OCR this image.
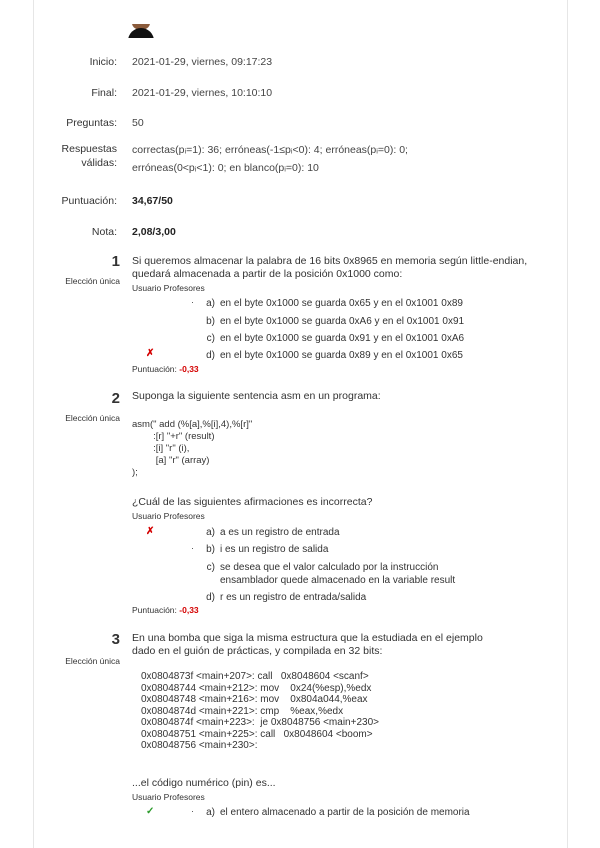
Inicio: 2021-01-29, viernes, 09:17:23
Final: 2021-01-29, viernes, 10:10:10
Preguntas: 50
Respuestas
válidas:
correctas(pᵢ=1): 36; erróneas(-1≤pᵢ<0): 4; erróneas(pᵢ=0): 0;
erróneas(0<pᵢ<1): 0; en blanco(pᵢ=0): 10
Puntuación: 34,67/50
Nota: 2,08/3,00
1
Elección única
Si queremos almacenar la palabra de 16 bits 0x8965 en memoria según little-endian, quedará almacenada a partir de la posición 0x1000 como:
Usuario Profesores
·	a) en el byte 0x1000 se guarda 0x65 y en el 0x1001 0x89
b) en el byte 0x1000 se guarda 0xA6 y en el 0x1001 0x91
c) en el byte 0x1000 se guarda 0x91 y en el 0x1001 0xA6
✗	d) en el byte 0x1000 se guarda 0x89 y en el 0x1001 0x65
Puntuación: -0,33
2
Elección única
Suponga la siguiente sentencia asm en un programa:
asm(" add (%[a],%[i],4),%[r]"
:[r] "+r" (result)
:[i] "r" (i),
[a] "r" (array)
);
¿Cuál de las siguientes afirmaciones es incorrecta?
Usuario Profesores
✗	a) a es un registro de entrada
·	b) i es un registro de salida
c) se desea que el valor calculado por la instrucción
ensamblador quede almacenado en la variable result
d) r es un registro de entrada/salida
Puntuación: -0,33
3
Elección única
En una bomba que siga la misma estructura que la estudiada en el ejemplo
dado en el guión de prácticas, y compilada en 32 bits:
0x0804873f <main+207>: call   0x8048604 <scanf>
0x08048744 <main+212>: mov    0x24(%esp),%edx
0x08048748 <main+216>: mov    0x804a044,%eax
0x0804874d <main+221>: cmp    %eax,%edx
0x0804874f <main+223>:  je 0x8048756 <main+230>
0x08048751 <main+225>: call   0x8048604 <boom>
0x08048756 <main+230>:
...el código numérico (pin) es...
Usuario Profesores
✓	·	a) el entero almacenado a partir de la posición de memoria
